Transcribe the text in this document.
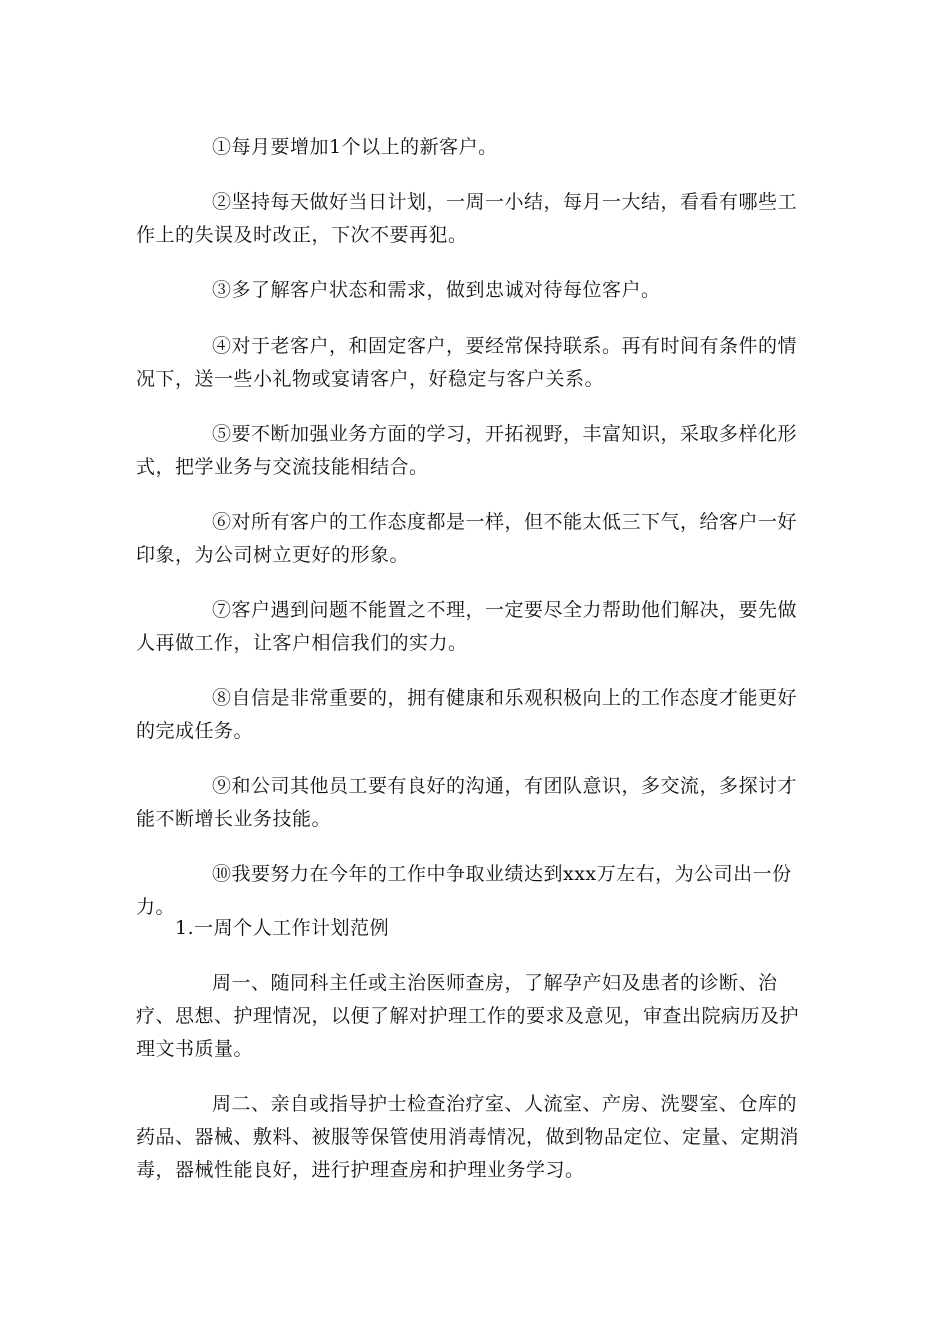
①每月要增加1个以上的新客户。

②坚持每天做好当日计划，一周一小结，每月一大结，看看有哪些工作上的失误及时改正，下次不要再犯。

③多了解客户状态和需求，做到忠诚对待每位客户。

④对于老客户，和固定客户，要经常保持联系。再有时间有条件的情况下，送一些小礼物或宴请客户，好稳定与客户关系。

⑤要不断加强业务方面的学习，开拓视野，丰富知识，采取多样化形式，把学业务与交流技能相结合。

⑥对所有客户的工作态度都是一样，但不能太低三下气，给客户一好印象，为公司树立更好的形象。

⑦客户遇到问题不能置之不理，一定要尽全力帮助他们解决，要先做人再做工作，让客户相信我们的实力。

⑧自信是非常重要的，拥有健康和乐观积极向上的工作态度才能更好的完成任务。

⑨和公司其他员工要有良好的沟通，有团队意识，多交流，多探讨才能不断增长业务技能。

⑩我要努力在今年的工作中争取业绩达到xxx万左右，为公司出一份力。

1.一周个人工作计划范例

周一、随同科主任或主治医师查房，了解孕产妇及患者的诊断、治疗、思想、护理情况，以便了解对护理工作的要求及意见，审查出院病历及护理文书质量。

周二、亲自或指导护士检查治疗室、人流室、产房、洗婴室、仓库的药品、器械、敷料、被服等保管使用消毒情况，做到物品定位、定量、定期消毒，器械性能良好，进行护理查房和护理业务学习。
